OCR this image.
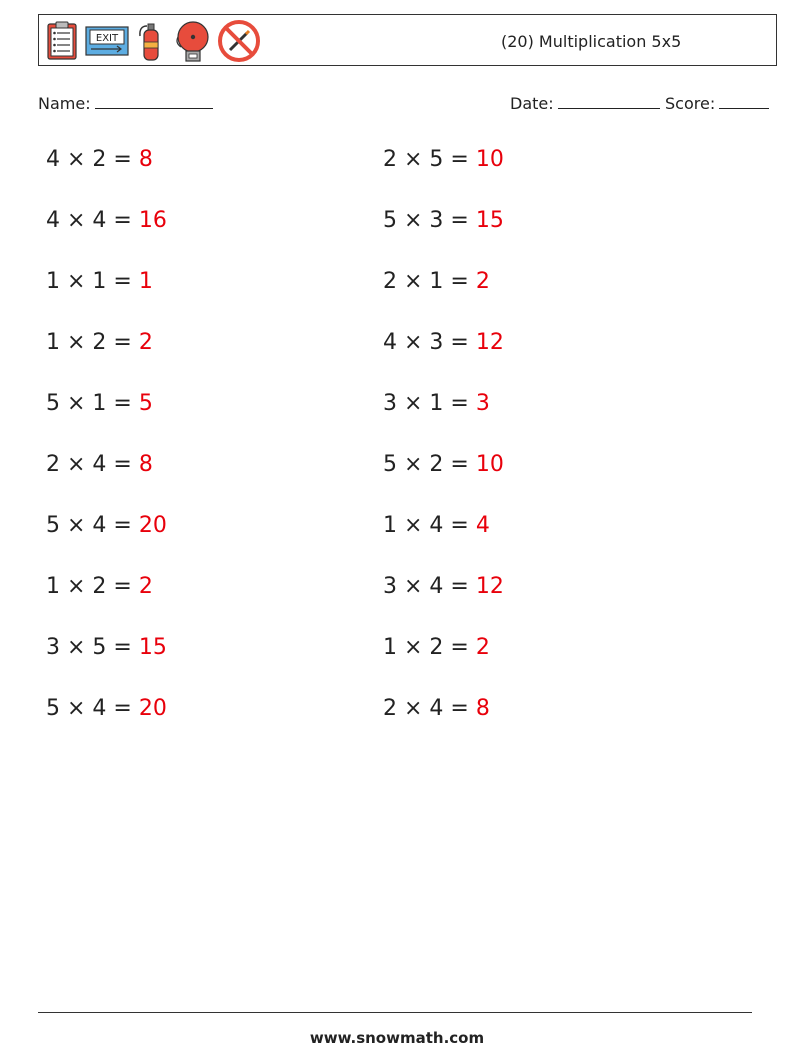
EXIT	(20) Multiplication 5x5
Name:	Date:	Score:
4 × 2 = 8
4 × 4 = 16
1 × 1 = 1
1 × 2 = 2
5 × 1 = 5
2 × 4 = 8
5 × 4 = 20
1 × 2 = 2
3 × 5 = 15
5 × 4 = 20
2 × 5 = 10
5 × 3 = 15
2 × 1 = 2
4 × 3 = 12
3 × 1 = 3
5 × 2 = 10
1 × 4 = 4
3 × 4 = 12
1 × 2 = 2
2 × 4 = 8
www.snowmath.com
